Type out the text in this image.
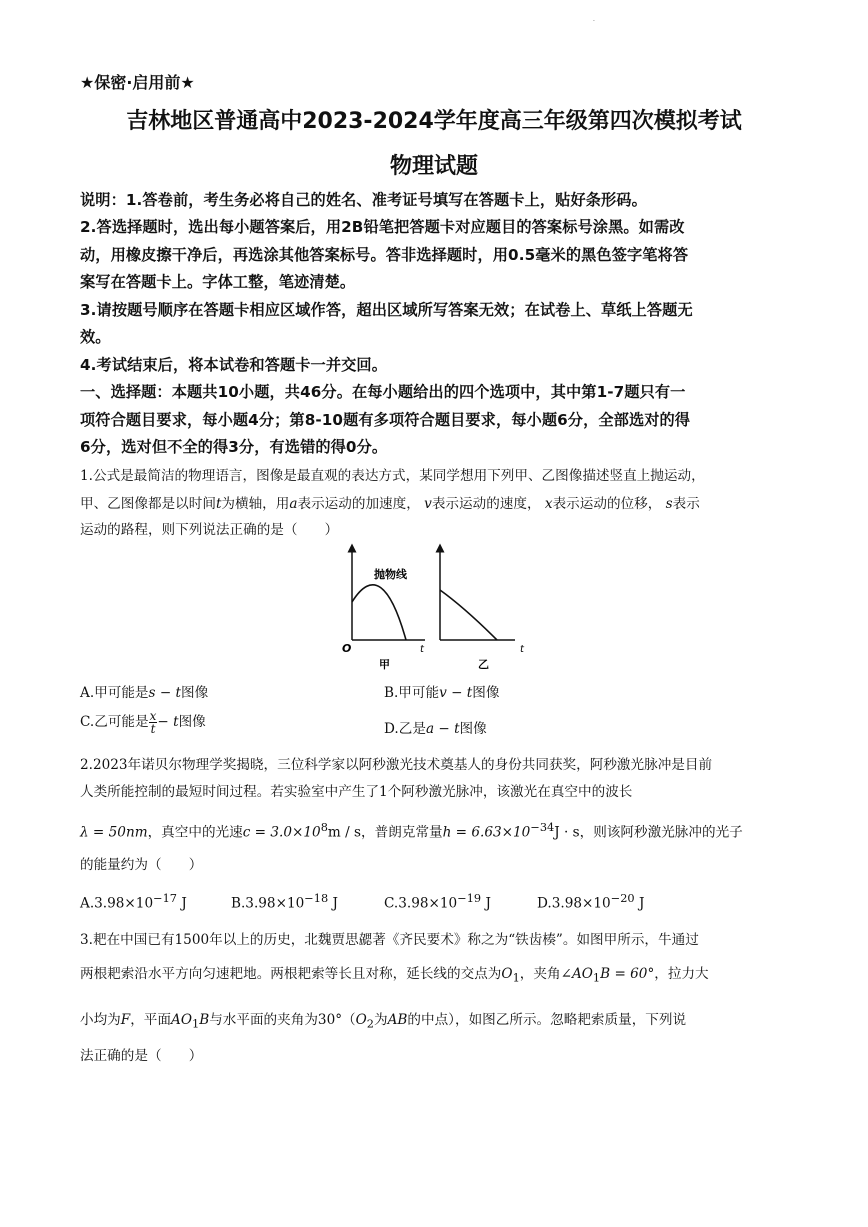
·
★保密·启用前★
吉林地区普通高中2023-2024学年度高三年级第四次模拟考试
物理试题
说明：1.答卷前，考生务必将自己的姓名、准考证号填写在答题卡上，贴好条形码。
2.答选择题时，选出每小题答案后，用2B铅笔把答题卡对应题目的答案标号涂黑。如需改
动，用橡皮擦干净后，再选涂其他答案标号。答非选择题时，用0.5毫米的黑色签字笔将答
案写在答题卡上。字体工整，笔迹清楚。
3.请按题号顺序在答题卡相应区域作答，超出区域所写答案无效；在试卷上、草纸上答题无
效。
4.考试结束后，将本试卷和答题卡一并交回。
一、选择题：本题共10小题，共46分。在每小题给出的四个选项中，其中第1-7题只有一
项符合题目要求，每小题4分；第8-10题有多项符合题目要求，每小题6分，全部选对的得
6分，选对但不全的得3分，有选错的得0分。
1.公式是最简洁的物理语言，图像是最直观的表达方式，某同学想用下列甲、乙图像描述竖直上抛运动，
甲、乙图像都是以时间t为横轴，用a表示运动的加速度， v表示运动的速度， x表示运动的位移， s表示
运动的路程，则下列说法正确的是（　　）
抛物线
O	t
甲
t
乙
A.甲可能是s − t图像	B.甲可能v − t图像
C.乙可能是 $\frac{x}{t} - t$图像	D.乙是a − t图像
2.2023年诺贝尔物理学奖揭晓，三位科学家以阿秒激光技术奠基人的身份共同获奖，阿秒激光脉冲是目前
人类所能控制的最短时间过程。若实验室中产生了1个阿秒激光脉冲，该激光在真空中的波长
λ = 50nm，真空中的光速$c = 3.0\times 10^8m / s$，普朗克常量$h = 6.63\times 10^{-34}J \cdot s$，则该阿秒激光脉冲的光子
的能量约为（　　）
$A.3.98\times 10^{-17}$ J	$B.3.98\times 10^{-18}$ J	$C.3.98\times 10^{-19}$ J	$D.3.98\times 10^{-20}$ J
3.耙在中国已有1500年以上的历史，北魏贾思勰著《齐民要术》称之为“铁齿楱”。如图甲所示，牛通过
两根耙索沿水平方向匀速耙地。两根耙索等长且对称，延长线的交点为$O_1$，夹角$\angle AO_1B = 60^\circ$，拉力大
小均为F，平面$AO_1B$与水平面的夹角为$30^\circ(O_2$为AB的中点），如图乙所示。忽略耙索质量，下列说
法正确的是（　　）
